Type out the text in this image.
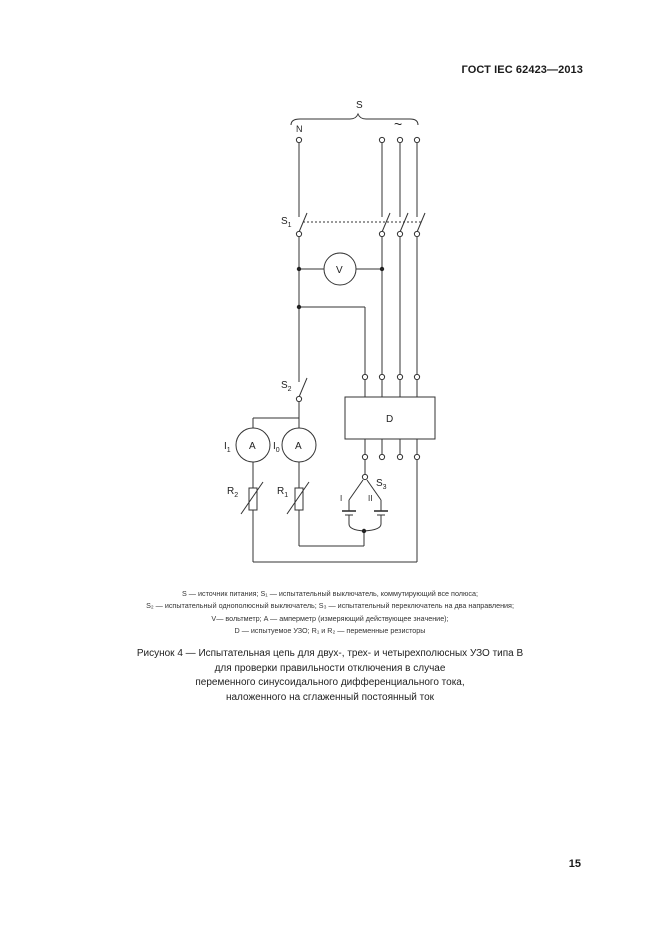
ГОСТ IEC 62423—2013
S
N	~
$S_1$
V
$S_2$
D
$I_1$	$I_0$
A	A
$R_2$	$R_1$
$S_3$
I	II
S — источник питания; S₁ — испытательный выключатель, коммутирующий все полюса;
S₂ — испытательный однополюсный выключатель; S₃ — испытательный переключатель на два направления;
V— вольтметр; A — амперметр (измеряющий действующее значение);
D — испытуемое УЗО; R₁ и R₂ — переменные резисторы
Рисунок 4 — Испытательная цепь для двух-, трех- и четырехполюсных УЗО типа B
для проверки правильности отключения в случае
переменного синусоидального дифференциального тока,
наложенного на сглаженный постоянный ток
15
